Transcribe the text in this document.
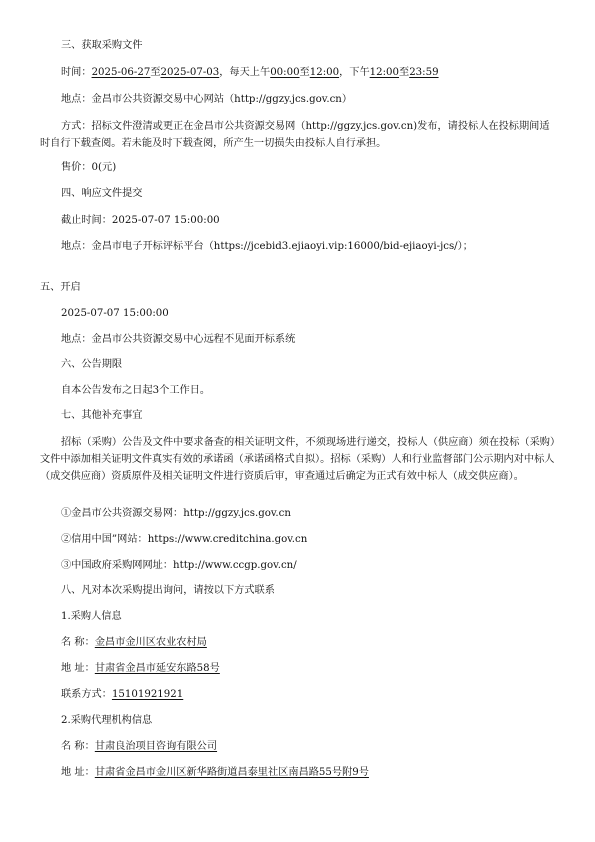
三、获取采购文件
时间：2025-06-27至2025-07-03，每天上午00:00至12:00，下午12:00至23:59
地点：金昌市公共资源交易中心网站（http://ggzy.jcs.gov.cn）
方式：招标文件澄清或更正在金昌市公共资源交易网（http://ggzy.jcs.gov.cn)发布，请投标人在投标期间适时自行下载查阅。若未能及时下载查阅，所产生一切损失由投标人自行承担。
售价：0(元)
四、响应文件提交
截止时间：2025-07-07 15:00:00
地点：金昌市电子开标评标平台（https://jcebid3.ejiaoyi.vip:16000/bid-ejiaoyi-jcs/）；
五、开启
2025-07-07 15:00:00
地点：金昌市公共资源交易中心远程不见面开标系统
六、公告期限
自本公告发布之日起3个工作日。
七、其他补充事宜
招标（采购）公告及文件中要求备查的相关证明文件，不须现场进行递交，投标人（供应商）须在投标（采购）文件中添加相关证明文件真实有效的承诺函（承诺函格式自拟）。招标（采购）人和行业监督部门公示期内对中标人（成交供应商）资质原件及相关证明文件进行资质后审，审查通过后确定为正式有效中标人（成交供应商）。
①金昌市公共资源交易网：http://ggzy.jcs.gov.cn
②信用中国”网站：https://www.creditchina.gov.cn
③中国政府采购网网址：http://www.ccgp.gov.cn/
八、凡对本次采购提出询问，请按以下方式联系
1.采购人信息
名 称：金昌市金川区农业农村局
地 址：甘肃省金昌市延安东路58号
联系方式：15101921921
2.采购代理机构信息
名 称：甘肃良治项目咨询有限公司
地 址：甘肃省金昌市金川区新华路街道昌泰里社区南昌路55号附9号
